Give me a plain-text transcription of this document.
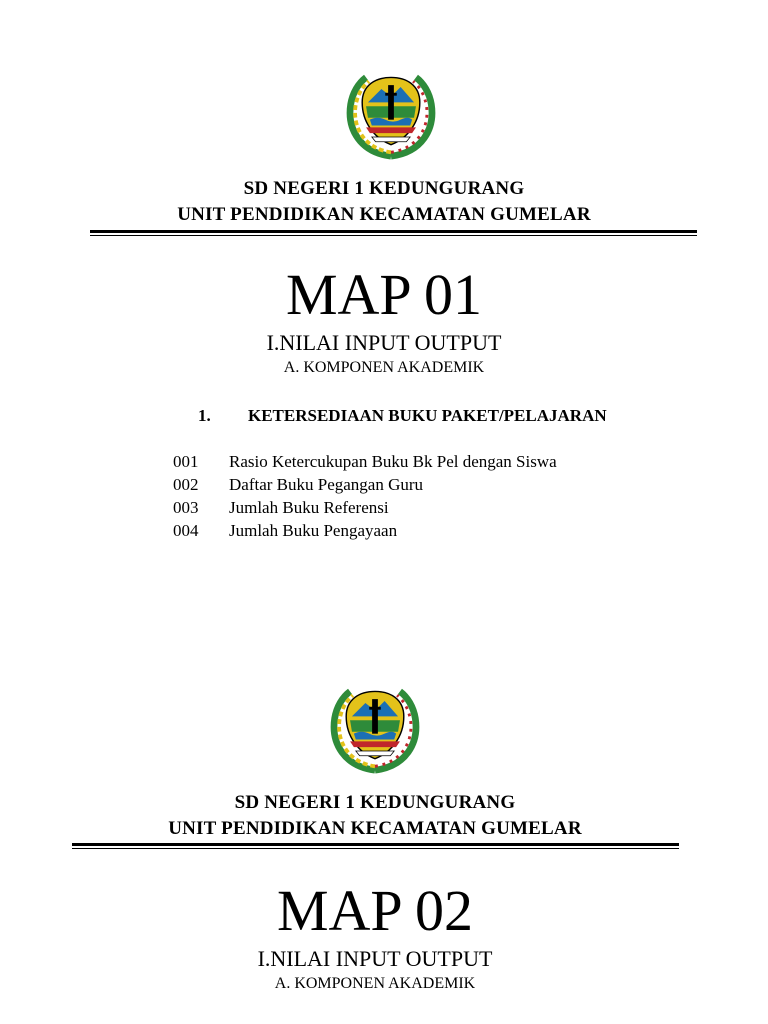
SD NEGERI 1 KEDUNGURANG
UNIT PENDIDIKAN KECAMATAN GUMELAR
MAP 01
I.NILAI INPUT OUTPUT
A. KOMPONEN AKADEMIK
1. KETERSEDIAAN BUKU PAKET/PELAJARAN
001 Rasio Ketercukupan Buku Bk Pel dengan Siswa
002 Daftar Buku Pegangan Guru
003 Jumlah Buku Referensi
004 Jumlah Buku Pengayaan
SD NEGERI 1 KEDUNGURANG
UNIT PENDIDIKAN KECAMATAN GUMELAR
MAP 02
I.NILAI INPUT OUTPUT
A. KOMPONEN AKADEMIK
